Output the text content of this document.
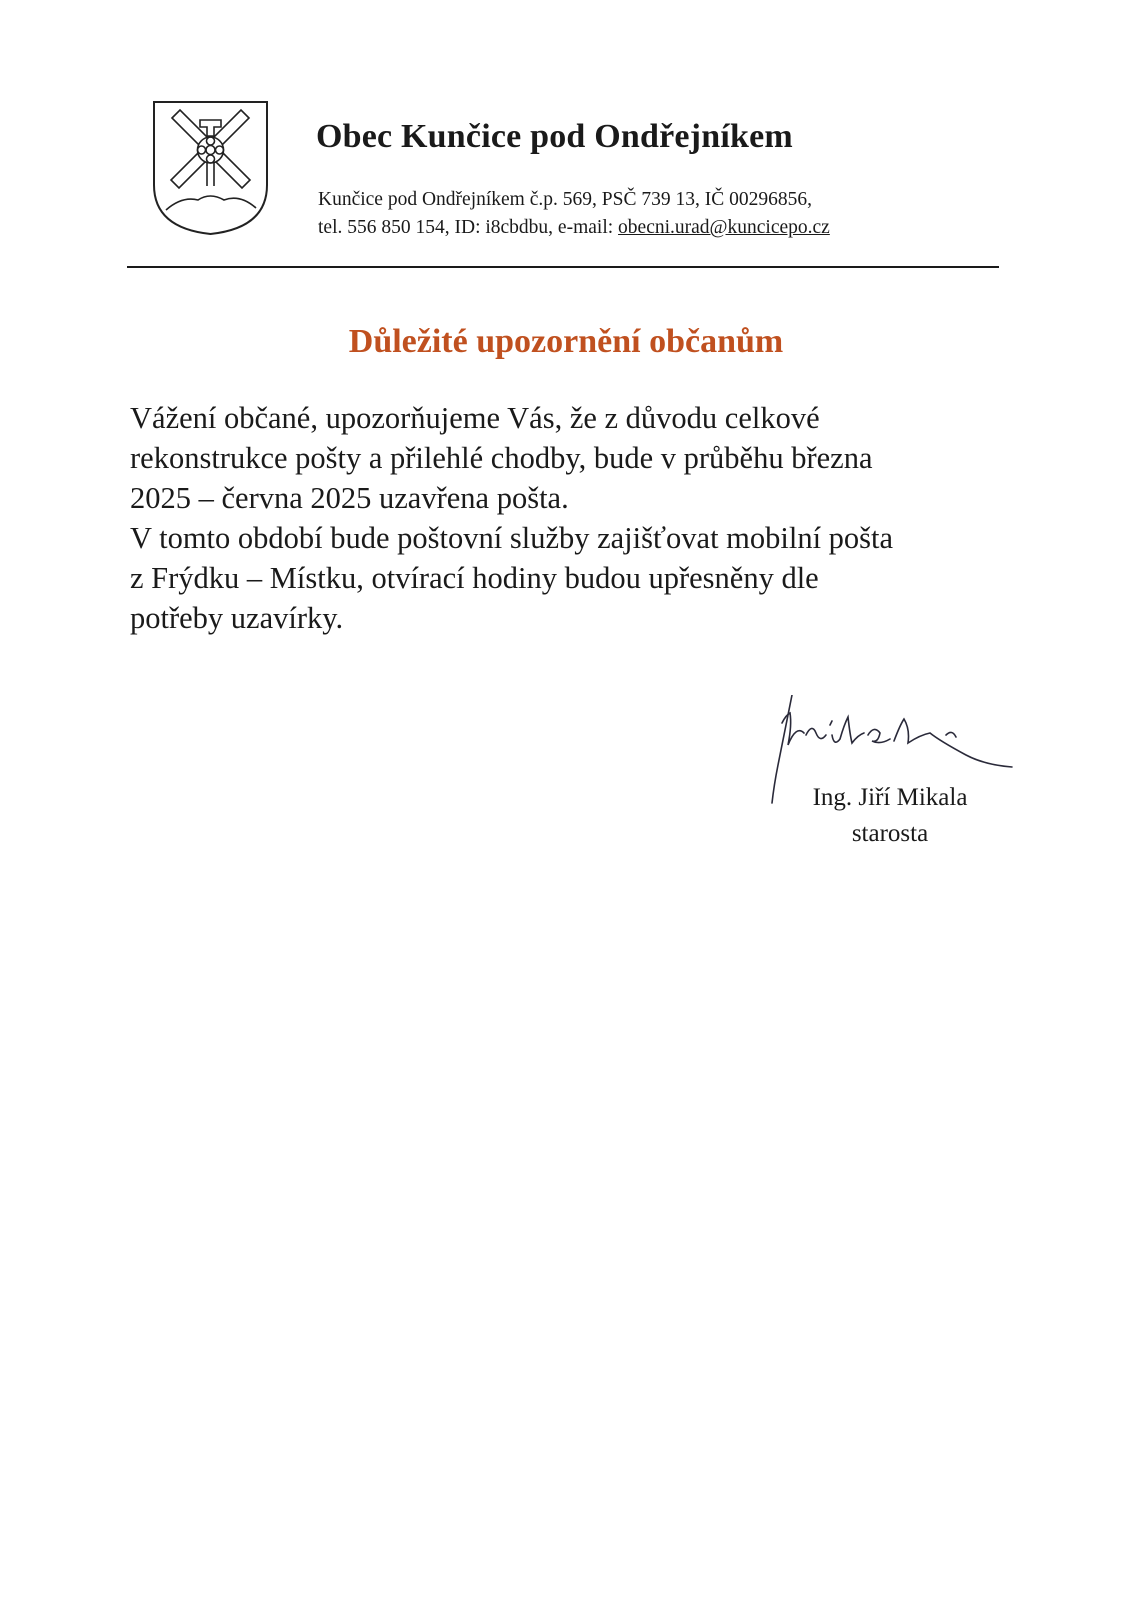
Obec Kunčice pod Ondřejníkem
Kunčice pod Ondřejníkem č.p. 569, PSČ 739 13, IČ 00296856,
tel. 556 850 154, ID: i8cbdbu, e-mail: obecni.urad@kuncicepo.cz
Důležité upozornění občanům
Vážení občané, upozorňujeme Vás, že z důvodu celkové
rekonstrukce pošty a přilehlé chodby, bude v průběhu března
2025 – června 2025 uzavřena pošta.
V tomto období bude poštovní služby zajišťovat mobilní pošta
z Frýdku – Místku, otvírací hodiny budou upřesněny dle
potřeby uzavírky.
Ing. Jiří Mikala
starosta
